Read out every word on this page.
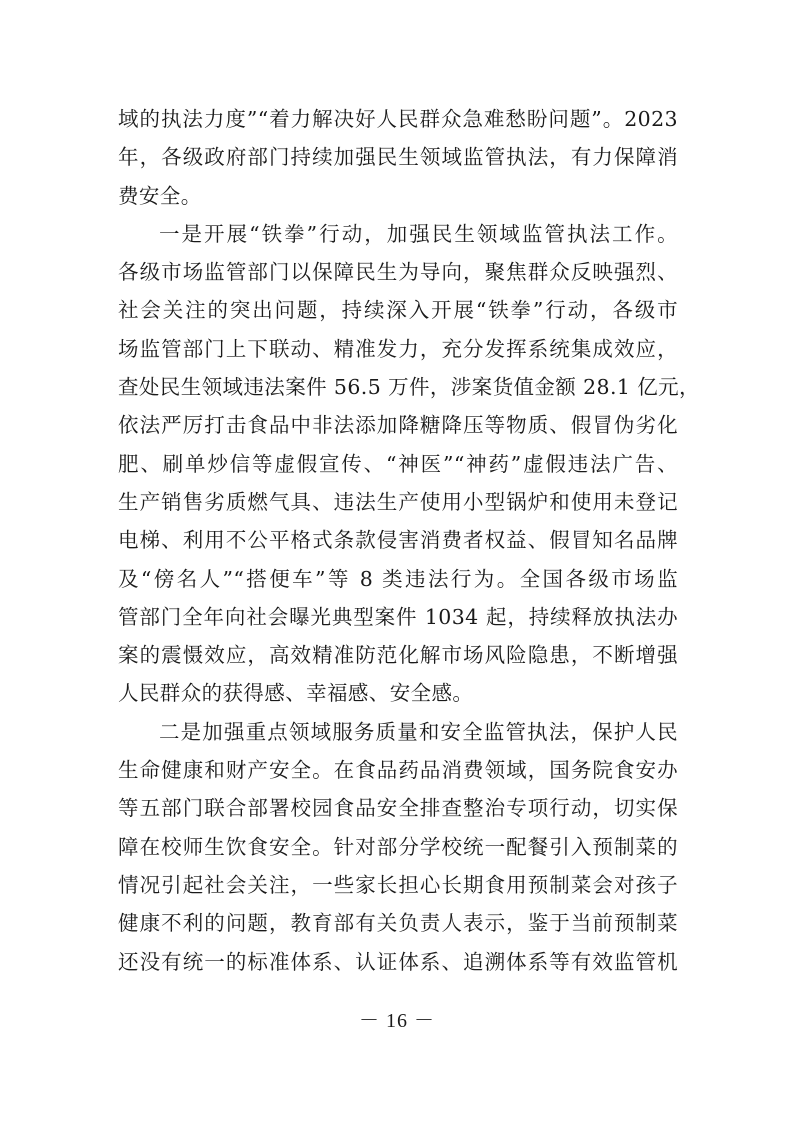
域的执法力度”“着力解决好人民群众急难愁盼问题”。2023
年，各级政府部门持续加强民生领域监管执法，有力保障消
费安全。
一是开展“铁拳”行动，加强民生领域监管执法工作。
各级市场监管部门以保障民生为导向，聚焦群众反映强烈、
社会关注的突出问题，持续深入开展“铁拳”行动，各级市
场监管部门上下联动、精准发力，充分发挥系统集成效应，
查处民生领域违法案件 56.5 万件，涉案货值金额 28.1 亿元，
依法严厉打击食品中非法添加降糖降压等物质、假冒伪劣化
肥、刷单炒信等虚假宣传、“神医”“神药”虚假违法广告、
生产销售劣质燃气具、违法生产使用小型锅炉和使用未登记
电梯、利用不公平格式条款侵害消费者权益、假冒知名品牌
及“傍名人”“搭便车”等 8 类违法行为。全国各级市场监
管部门全年向社会曝光典型案件 1034 起，持续释放执法办
案的震慑效应，高效精准防范化解市场风险隐患，不断增强
人民群众的获得感、幸福感、安全感。
二是加强重点领域服务质量和安全监管执法，保护人民
生命健康和财产安全。在食品药品消费领域，国务院食安办
等五部门联合部署校园食品安全排查整治专项行动，切实保
障在校师生饮食安全。针对部分学校统一配餐引入预制菜的
情况引起社会关注，一些家长担心长期食用预制菜会对孩子
健康不利的问题，教育部有关负责人表示，鉴于当前预制菜
还没有统一的标准体系、认证体系、追溯体系等有效监管机
－ 16 －
